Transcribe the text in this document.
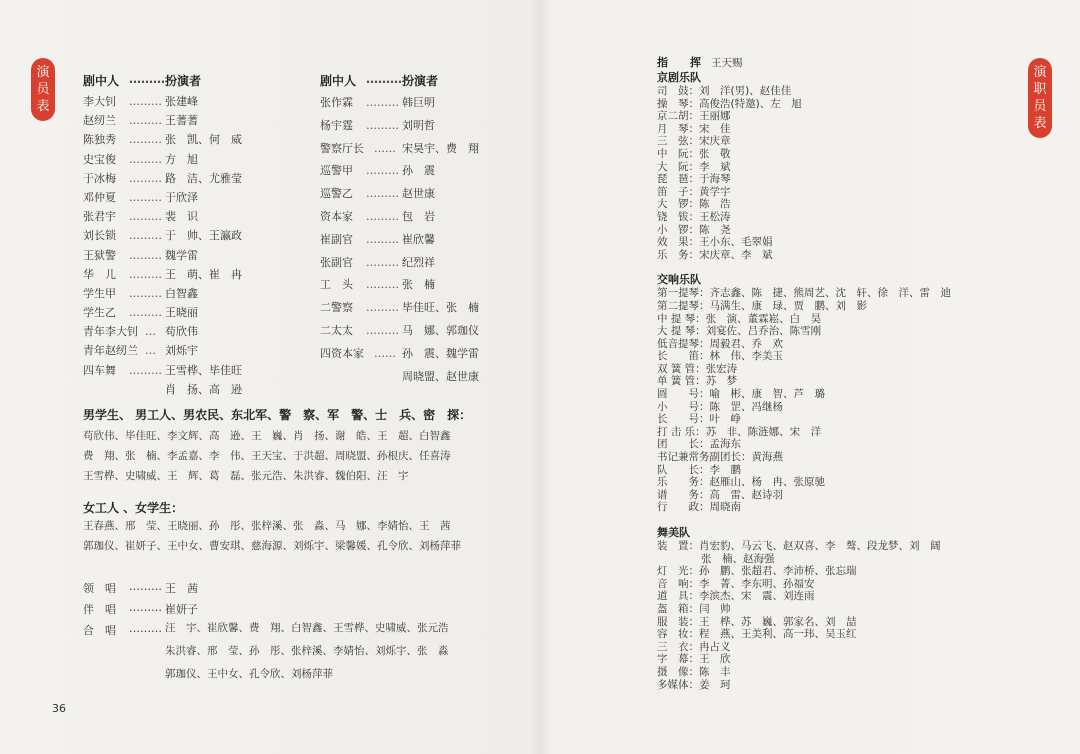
演
员
表
演
职
员
表
剧中人 ……… 扮演者
李大钊	……… 张建峰
赵纫兰	……… 王蓍蓍
陈独秀	……… 张　凯、何　威
史宝俊	……… 方　旭
于冰梅	……… 路　洁、尤雅莹
邓仲夏	……… 于欣泽
张君宇	……… 裴　识
刘长锁	……… 于　帅、王瀛政
王狱警	……… 魏学雷
华　儿	……… 王　萌、崔　冉
学生甲	……… 白智鑫
学生乙	……… 王晓丽
青年李大钊 … 苟欣伟
青年赵纫兰 … 刘烁宇
四车舞	……… 王雪桦、毕佳旺
肖　扬、高　逊
剧中人 ……… 扮演者
张作霖	……… 韩巨明
杨宇霆	……… 刘明哲
警察厅长 …… 宋昊宇、费　翔
巡警甲	……… 孙　震
巡警乙	……… 赵世康
资本家	……… 包　岩
崔副官	……… 崔欣馨
张副官	……… 纪烈祥
工　头	……… 张　楠
二警察	……… 毕佳旺、张　楠
二太太	……… 马　娜、郭珈仪
四资本家 …… 孙　震、魏学雷
周晓盟、赵世康
男学生、 男工人、男农民、东北军、警　察、军　警、士　兵、密　探：
苟欣伟、毕佳旺、李文辉、高　逊、王　巍、肖　扬、谢　皓、王　超、白智鑫
费　翔、张　楠、李孟嘉、李　伟、王天宝、于洪超、周晓盟、孙根庆、任喜涛
王雪桦、史啸威、王　辉、葛　磊、张元浩、朱洪睿、魏伯阳、汪　宇
女工人 、女学生：
王春燕、邢　莹、王晓丽、孙　彤、张梓溪、张　淼、马　娜、李婧怡、王　茜
郭珈仪、崔妍子、王中女、曹安琪、慈海源、刘烁宇、梁馨媛、孔令欣、刘杨萍菲
领　唱	……… 王　茜
伴　唱	……… 崔妍子
合　唱	……… 汪　宇、崔欣馨、费　翔、白智鑫、王雪桦、史啸威、张元浩
朱洪睿、邢　莹、孙　彤、张梓溪、李婧怡、刘烁宇、张　淼
郭珈仪、王中女、孔令欣、刘杨萍菲
36
指　　挥 王天赐
京剧乐队
司　鼓： 刘　洋(男)、赵佳佳
操　琴： 高俊浩(特邀)、左　旭
京二胡： 王丽娜
月　琴： 宋　佳
三　弦： 宋庆章
中　阮： 张　敬
大　阮： 李　斌
琵　琶： 于海琴
笛　子： 黄学宇
大　锣： 陈　浩
铙　钹： 王松涛
小　锣： 陈　尧
效　果： 王小东、毛翠娟
乐　务： 宋庆章、李　斌
交响乐队
第一提琴： 齐志鑫、陈　捷、熊周艺、沈　轩、徐　洋、雷　迪
第二提琴： 马满生、康　琭、贾　鹏、刘　影
中 提 琴： 张　演、董霖崧、白　昊
大 提 琴： 刘宴佐、吕乔治、陈雪刚
低音提琴： 周毅君、乔　欢
长　　笛： 林　伟、李美玉
双 簧 管： 张宏涛
单 簧 管： 苏　梦
圆　　号： 喻　彬、康　智、芦　璐
小　　号： 陈　罡、冯继杨
长　　号： 叶　峥
打 击 乐： 苏　非、陈涟娜、宋　洋
团　　长： 孟海东
书记兼常务副团长： 黄海燕
队　　长： 李　鹏
乐　　务： 赵雁山、杨　冉、张原驰
谱　　务： 高　雷、赵诗羽
行　　政： 周晓南
舞美队
装　置： 肖宏豹、马云飞、赵双喜、李　骜、段龙梦、刘　阔
张　楠、赵海强
灯　光： 孙　鹏、张超君、李沛桥、张忘瑞
音　响： 李　菁、李东明、孙福安
道　具： 李滨杰、宋　震、刘连雨
盔　箱： 闫　帅
服　装： 王　桦、苏　巍、郭家名、刘　喆
容　妆： 程　燕、王美利、高一玮、吴玉红
三　衣： 冉占义
字　幕： 王　欣
摄　像： 陈　丰
多媒体： 姜　珂
